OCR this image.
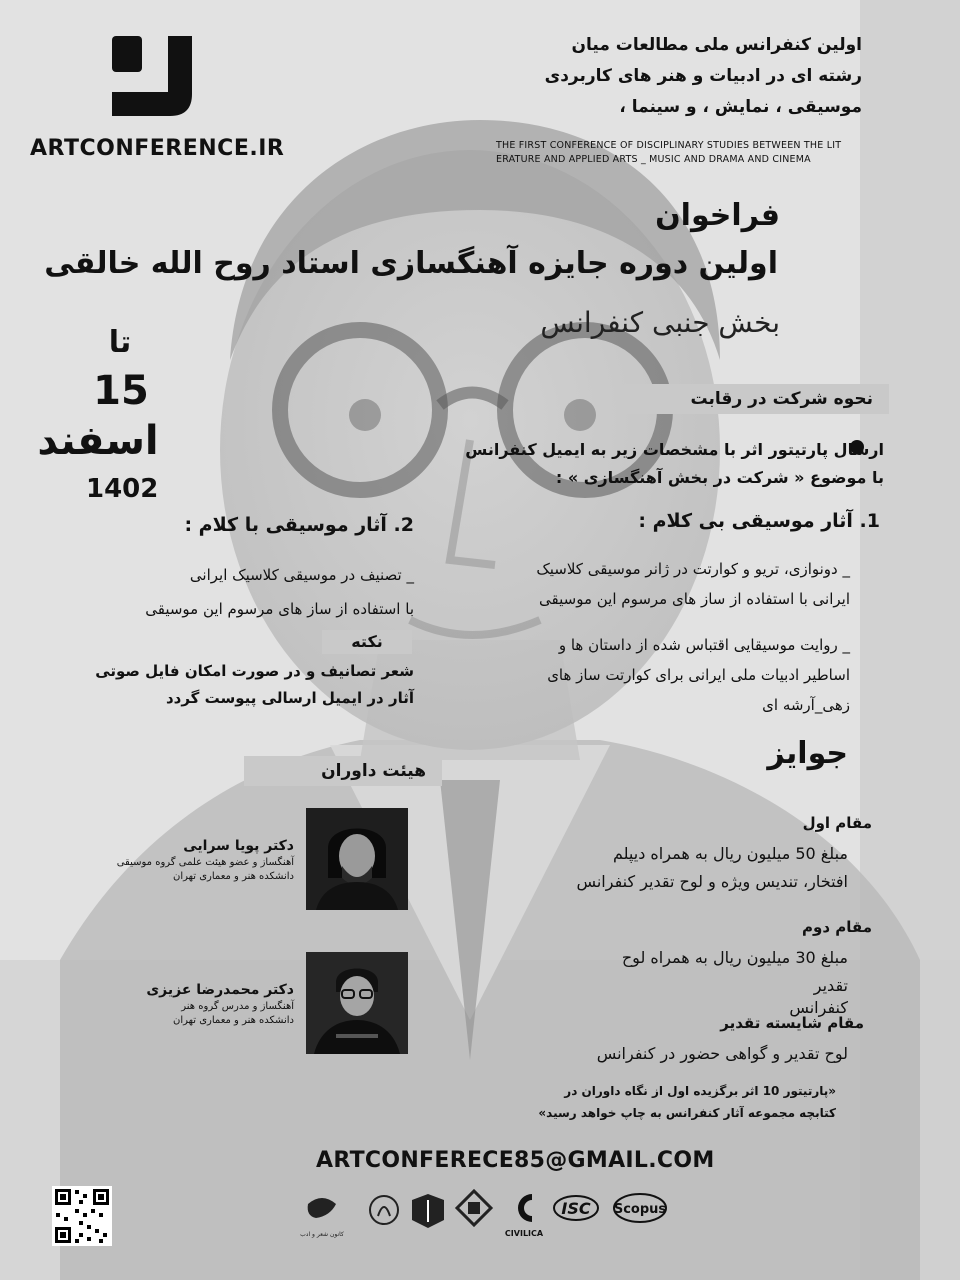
ARTCONFERENCE.IR
اولین کنفرانس ملی مطالعات میان
رشته ای در ادبیات و هنر های کاربردی
موسیقی ، نمایش ، و سینما ،
THE FIRST CONFERENCE OF DISCIPLINARY STUDIES BETWEEN THE LIT
ERATURE AND APPLIED ARTS _ MUSIC AND DRAMA AND CINEMA
فراخوان
اولین دوره جایزه آهنگسازی استاد روح الله خالقی
بخش جنبی کنفرانس
تا
15
اسفند
1402
نحوه شرکت در رقابت
ارسال پارتیتور اثر با مشخصات زیر به ایمیل کنفرانس
با موضوع « شرکت در بخش آهنگسازی » :
1. آثار موسیقی بی کلام :
_ دونوازی، تریو و کوارتت در ژانر موسیقی کلاسیک
ایرانی با استفاده از ساز های مرسوم این موسیقی
_ روایت موسیقایی اقتباس شده از داستان ها و
اساطیر ادبیات ملی ایرانی برای کوارتت ساز های
زهی_آرشه ای
2. آثار موسیقی با کلام :
_ تصنیف در موسیقی کلاسیک ایرانی
با استفاده از ساز های مرسوم این موسیقی
نکته
شعر تصانیف و در صورت امکان فایل صوتی
آثار در ایمیل ارسالی پیوست گردد
هیئت داوران
دکتر پویا سرایی
آهنگساز و عضو هیئت علمی گروه موسیقی
دانشکده هنر و معماری تهران
دکتر محمدرضا عزیزی
آهنگساز و مدرس گروه هنر
دانشکده هنر و معماری تهران
جوایز
مقام اول
مبلغ 50 میلیون ریال به همراه دیپلم
افتخار، تندیس ویژه و لوح تقدیر کنفرانس
مقام دوم
مبلغ 30 میلیون ریال به همراه لوح تقدیر
کنفرانس
مقام شایسته تقدیر
لوح تقدیر و گواهی حضور در کنفرانس
«پارتیتور 10 اثر برگزیده اول از نگاه داوران در
کتابچه مجموعه آثار کنفرانس به چاپ خواهد رسید»
ARTCONFERECE85@GMAIL.COM
کانون شعر و ادب	CIVILICA
ISC Scopus
